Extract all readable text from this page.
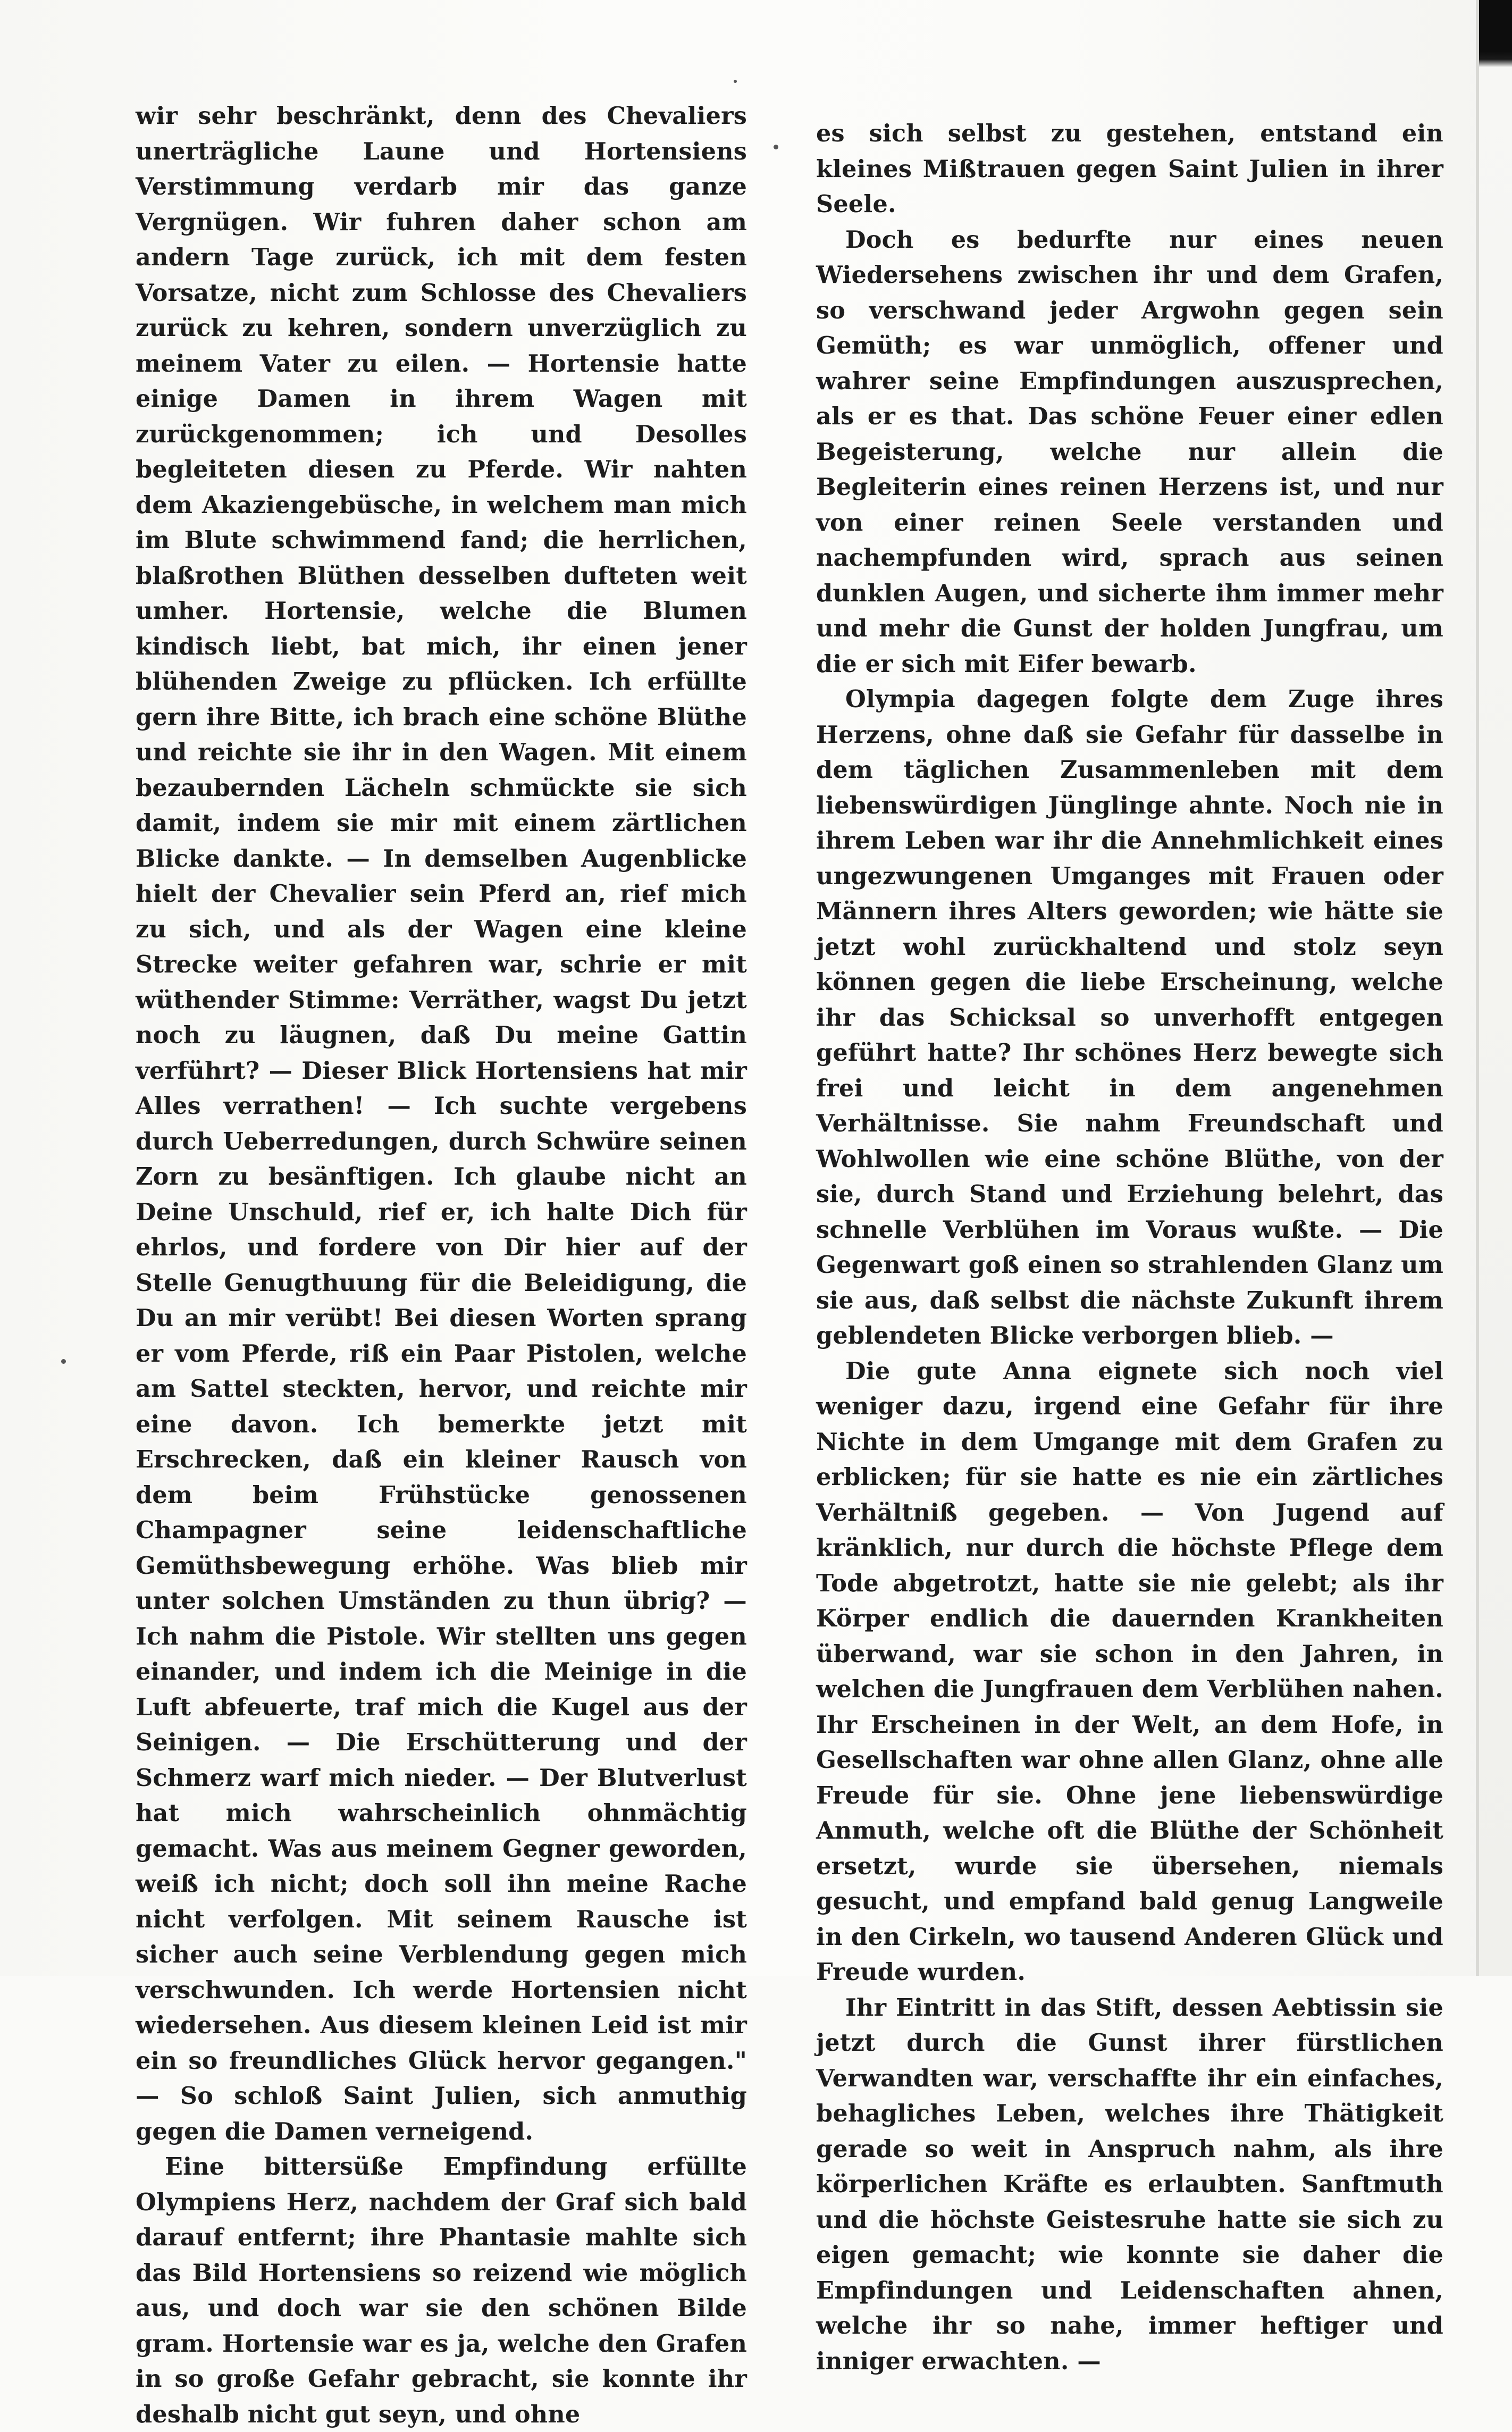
wir sehr beschränkt, denn des Chevaliers unerträgliche Laune und Hortensiens Verstimmung verdarb mir das ganze Vergnügen. Wir fuhren daher schon am andern Tage zurück, ich mit dem festen Vorsatze, nicht zum Schlosse des Chevaliers zurück zu kehren, sondern unverzüglich zu meinem Vater zu eilen. — Hortensie hatte einige Damen in ihrem Wagen mit zurückgenommen; ich und Desolles begleiteten diesen zu Pferde. Wir nahten dem Akaziengebüsche, in welchem man mich im Blute schwimmend fand; die herrlichen, blaßrothen Blüthen desselben dufteten weit umher. Hortensie, welche die Blumen kindisch liebt, bat mich, ihr einen jener blühenden Zweige zu pflücken. Ich erfüllte gern ihre Bitte, ich brach eine schöne Blüthe und reichte sie ihr in den Wagen. Mit einem bezaubernden Lächeln schmückte sie sich damit, indem sie mir mit einem zärtlichen Blicke dankte. — In demselben Augenblicke hielt der Chevalier sein Pferd an, rief mich zu sich, und als der Wagen eine kleine Strecke weiter gefahren war, schrie er mit wüthender Stimme: Verräther, wagst Du jetzt noch zu läugnen, daß Du meine Gattin verführt? — Dieser Blick Hortensiens hat mir Alles verrathen! — Ich suchte vergebens durch Ueberredungen, durch Schwüre seinen Zorn zu besänftigen. Ich glaube nicht an Deine Unschuld, rief er, ich halte Dich für ehrlos, und fordere von Dir hier auf der Stelle Genugthuung für die Beleidigung, die Du an mir verübt! Bei diesen Worten sprang er vom Pferde, riß ein Paar Pistolen, welche am Sattel steckten, hervor, und reichte mir eine davon. Ich bemerkte jetzt mit Erschrecken, daß ein kleiner Rausch von dem beim Frühstücke genossenen Champagner seine leidenschaftliche Gemüthsbewegung erhöhe. Was blieb mir unter solchen Umständen zu thun übrig? — Ich nahm die Pistole. Wir stellten uns gegen einander, und indem ich die Meinige in die Luft abfeuerte, traf mich die Kugel aus der Seinigen. — Die Erschütterung und der Schmerz warf mich nieder. — Der Blutverlust hat mich wahrscheinlich ohnmächtig gemacht. Was aus meinem Gegner geworden, weiß ich nicht; doch soll ihn meine Rache nicht verfolgen. Mit seinem Rausche ist sicher auch seine Verblendung gegen mich verschwunden. Ich werde Hortensien nicht wiedersehen. Aus diesem kleinen Leid ist mir ein so freundliches Glück hervor gegangen." — So schloß Saint Julien, sich anmuthig gegen die Damen verneigend.

Eine bittersüße Empfindung erfüllte Olympiens Herz, nachdem der Graf sich bald darauf entfernt; ihre Phantasie mahlte sich das Bild Hortensiens so reizend wie möglich aus, und doch war sie den schönen Bilde gram. Hortensie war es ja, welche den Grafen in so große Gefahr gebracht, sie konnte ihr deshalb nicht gut seyn, und ohne

es sich selbst zu gestehen, entstand ein kleines Mißtrauen gegen Saint Julien in ihrer Seele.

Doch es bedurfte nur eines neuen Wiedersehens zwischen ihr und dem Grafen, so verschwand jeder Argwohn gegen sein Gemüth; es war unmöglich, offener und wahrer seine Empfindungen auszusprechen, als er es that. Das schöne Feuer einer edlen Begeisterung, welche nur allein die Begleiterin eines reinen Herzens ist, und nur von einer reinen Seele verstanden und nachempfunden wird, sprach aus seinen dunklen Augen, und sicherte ihm immer mehr und mehr die Gunst der holden Jungfrau, um die er sich mit Eifer bewarb.

Olympia dagegen folgte dem Zuge ihres Herzens, ohne daß sie Gefahr für dasselbe in dem täglichen Zusammenleben mit dem liebenswürdigen Jünglinge ahnte. Noch nie in ihrem Leben war ihr die Annehmlichkeit eines ungezwungenen Umganges mit Frauen oder Männern ihres Alters geworden; wie hätte sie jetzt wohl zurückhaltend und stolz seyn können gegen die liebe Erscheinung, welche ihr das Schicksal so unverhofft entgegen geführt hatte? Ihr schönes Herz bewegte sich frei und leicht in dem angenehmen Verhältnisse. Sie nahm Freundschaft und Wohlwollen wie eine schöne Blüthe, von der sie, durch Stand und Erziehung belehrt, das schnelle Verblühen im Voraus wußte. — Die Gegenwart goß einen so strahlenden Glanz um sie aus, daß selbst die nächste Zukunft ihrem geblendeten Blicke verborgen blieb. —

Die gute Anna eignete sich noch viel weniger dazu, irgend eine Gefahr für ihre Nichte in dem Umgange mit dem Grafen zu erblicken; für sie hatte es nie ein zärtliches Verhältniß gegeben. — Von Jugend auf kränklich, nur durch die höchste Pflege dem Tode abgetrotzt, hatte sie nie gelebt; als ihr Körper endlich die dauernden Krankheiten überwand, war sie schon in den Jahren, in welchen die Jungfrauen dem Verblühen nahen. Ihr Erscheinen in der Welt, an dem Hofe, in Gesellschaften war ohne allen Glanz, ohne alle Freude für sie. Ohne jene liebenswürdige Anmuth, welche oft die Blüthe der Schönheit ersetzt, wurde sie übersehen, niemals gesucht, und empfand bald genug Langweile in den Cirkeln, wo tausend Anderen Glück und Freude wurden.

Ihr Eintritt in das Stift, dessen Aebtissin sie jetzt durch die Gunst ihrer fürstlichen Verwandten war, verschaffte ihr ein einfaches, behagliches Leben, welches ihre Thätigkeit gerade so weit in Anspruch nahm, als ihre körperlichen Kräfte es erlaubten. Sanftmuth und die höchste Geistesruhe hatte sie sich zu eigen gemacht; wie konnte sie daher die Empfindungen und Leidenschaften ahnen, welche ihr so nahe, immer heftiger und inniger erwachten. —
